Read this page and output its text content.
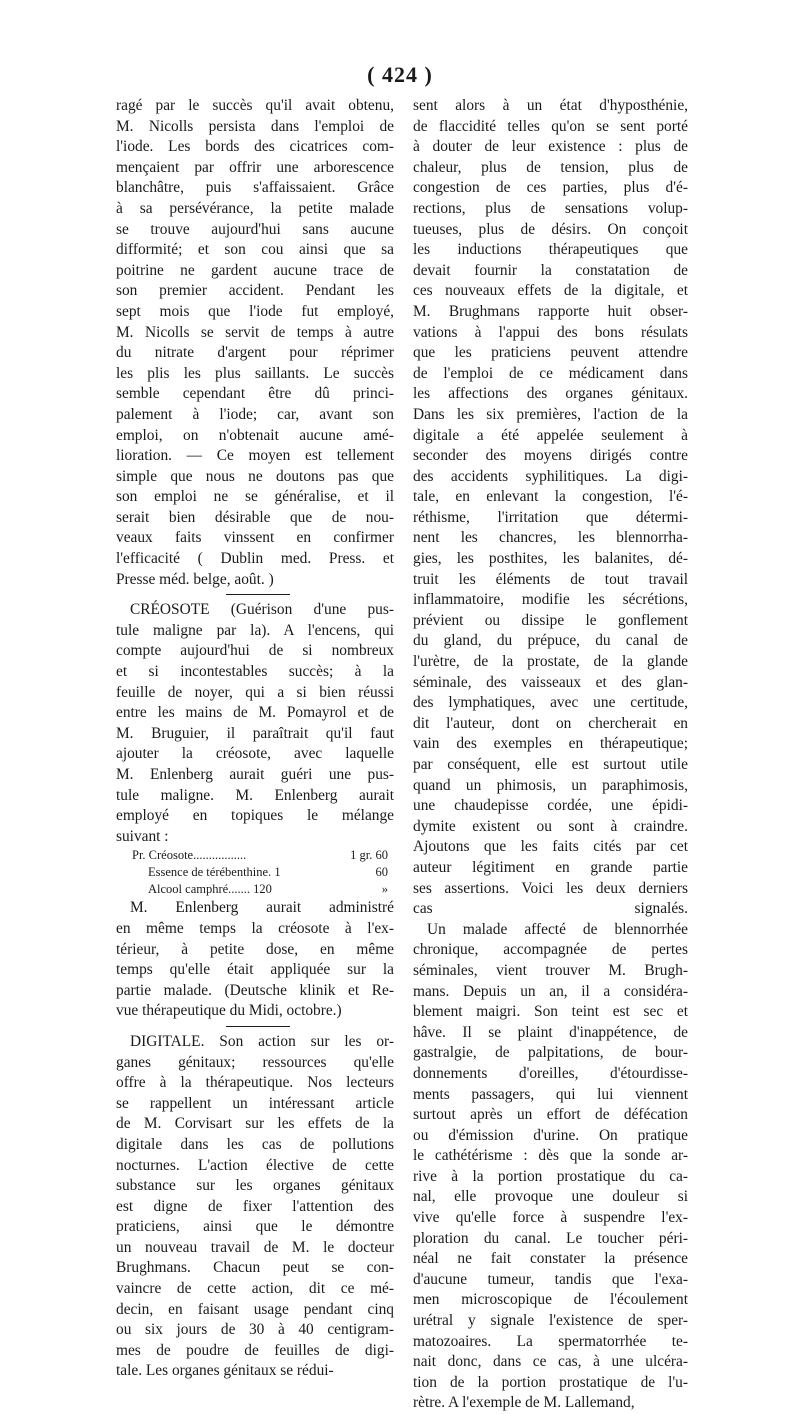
( 424 )
ragé par le succès qu'il avait obtenu,
M. Nicolls persista dans l'emploi de
l'iode. Les bords des cicatrices com-
mençaient par offrir une arborescence
blanchâtre, puis s'affaissaient. Grâce
à sa persévérance, la petite malade
se trouve aujourd'hui sans aucune
difformité; et son cou ainsi que sa
poitrine ne gardent aucune trace de
son premier accident. Pendant les
sept mois que l'iode fut employé,
M. Nicolls se servit de temps à autre
du nitrate d'argent pour réprimer
les plis les plus saillants. Le succès
semble cependant être dû princi-
palement à l'iode; car, avant son
emploi, on n'obtenait aucune amé-
lioration. — Ce moyen est tellement
simple que nous ne doutons pas que
son emploi ne se généralise, et il
serait bien désirable que de nou-
veaux faits vinssent en confirmer
l'efficacité ( Dublin med. Press. et
Presse méd. belge, août. )
CRÉOSOTE (Guérison d'une pus-
tule maligne par la). A l'encens, qui
compte aujourd'hui de si nombreux
et si incontestables succès; à la
feuille de noyer, qui a si bien réussi
entre les mains de M. Pomayrol et de
M. Bruguier, il paraîtrait qu'il faut
ajouter la créosote, avec laquelle
M. Enlenberg aurait guéri une pus-
tule maligne. M. Enlenberg aurait
employé en topiques le mélange
suivant :
Pr. Créosote.................	1 gr. 60
Essence de térébenthine. 1	60
Alcool camphré....... 120	»
M. Enlenberg aurait administré
en même temps la créosote à l'ex-
térieur, à petite dose, en même
temps qu'elle était appliquée sur la
partie malade. (Deutsche klinik et Re-
vue thérapeutique du Midi, octobre.)
DIGITALE. Son action sur les or-
ganes génitaux; ressources qu'elle
offre à la thérapeutique. Nos lecteurs
se rappellent un intéressant article
de M. Corvisart sur les effets de la
digitale dans les cas de pollutions
nocturnes. L'action élective de cette
substance sur les organes génitaux
est digne de fixer l'attention des
praticiens, ainsi que le démontre
un nouveau travail de M. le docteur
Brughmans. Chacun peut se con-
vaincre de cette action, dit ce mé-
decin, en faisant usage pendant cinq
ou six jours de 30 à 40 centigram-
mes de poudre de feuilles de digi-
tale. Les organes génitaux se rédui-
sent alors à un état d'hyposthénie,
de flaccidité telles qu'on se sent porté
à douter de leur existence : plus de
chaleur, plus de tension, plus de
congestion de ces parties, plus d'é-
rections, plus de sensations volup-
tueuses, plus de désirs. On conçoit
les inductions thérapeutiques que
devait fournir la constatation de
ces nouveaux effets de la digitale, et
M. Brughmans rapporte huit obser-
vations à l'appui des bons résulats
que les praticiens peuvent attendre
de l'emploi de ce médicament dans
les affections des organes génitaux.
Dans les six premières, l'action de la
digitale a été appelée seulement à
seconder des moyens dirigés contre
des accidents syphilitiques. La digi-
tale, en enlevant la congestion, l'é-
réthisme, l'irritation que détermi-
nent les chancres, les blennorrha-
gies, les posthites, les balanites, dé-
truit les éléments de tout travail
inflammatoire, modifie les sécrétions,
prévient ou dissipe le gonflement
du gland, du prépuce, du canal de
l'urètre, de la prostate, de la glande
séminale, des vaisseaux et des glan-
des lymphatiques, avec une certitude,
dit l'auteur, dont on chercherait en
vain des exemples en thérapeutique;
par conséquent, elle est surtout utile
quand un phimosis, un paraphimosis,
une chaudepisse cordée, une épidi-
dymite existent ou sont à craindre.
Ajoutons que les faits cités par cet
auteur légitiment en grande partie
ses assertions. Voici les deux derniers
cas signalés.
Un malade affecté de blennorrhée
chronique, accompagnée de pertes
séminales, vient trouver M. Brugh-
mans. Depuis un an, il a considéra-
blement maigri. Son teint est sec et
hâve. Il se plaint d'inappétence, de
gastralgie, de palpitations, de bour-
donnements d'oreilles, d'étourdisse-
ments passagers, qui lui viennent
surtout après un effort de défécation
ou d'émission d'urine. On pratique
le cathétérisme : dès que la sonde ar-
rive à la portion prostatique du ca-
nal, elle provoque une douleur si
vive qu'elle force à suspendre l'ex-
ploration du canal. Le toucher péri-
néal ne fait constater la présence
d'aucune tumeur, tandis que l'exa-
men microscopique de l'écoulement
urétral y signale l'existence de sper-
matozoaires. La spermatorrhée te-
nait donc, dans ce cas, à une ulcéra-
tion de la portion prostatique de l'u-
rètre. A l'exemple de M. Lallemand,
